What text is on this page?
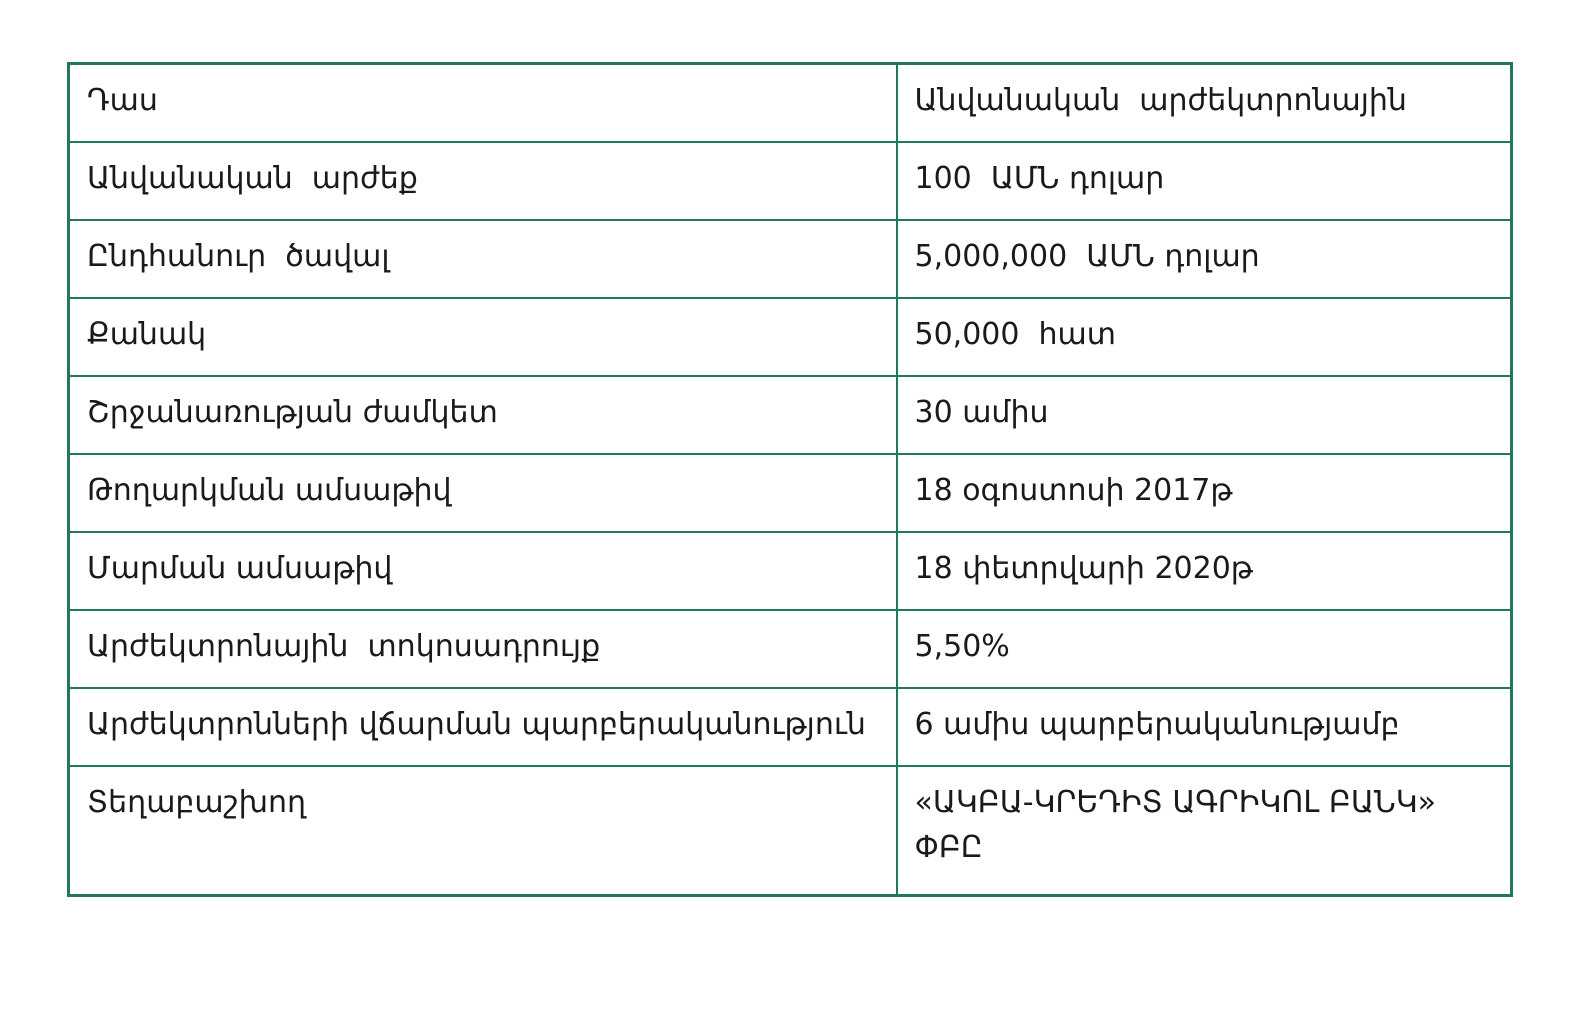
Դաս	Անվանական  արժեկտրոնային
Անվանական  արժեք	100  ԱՄՆ դոլար
Ընդհանուր  ծավալ	5,000,000  ԱՄՆ դոլար
Քանակ	50,000  հատ
Շրջանառության ժամկետ	30 ամիս
Թողարկման ամսաթիվ	18 օգոստոսի 2017թ
Մարման ամսաթիվ	18 փետրվարի 2020թ
Արժեկտրոնային  տոկոսադրույք	5,50%
Արժեկտրոնների վճարման պարբերականություն	6 ամիս պարբերականությամբ
Տեղաբաշխող	«ԱԿԲԱ-ԿՐԵԴԻՏ ԱԳՐԻԿՈԼ ԲԱՆԿ» ՓԲԸ
